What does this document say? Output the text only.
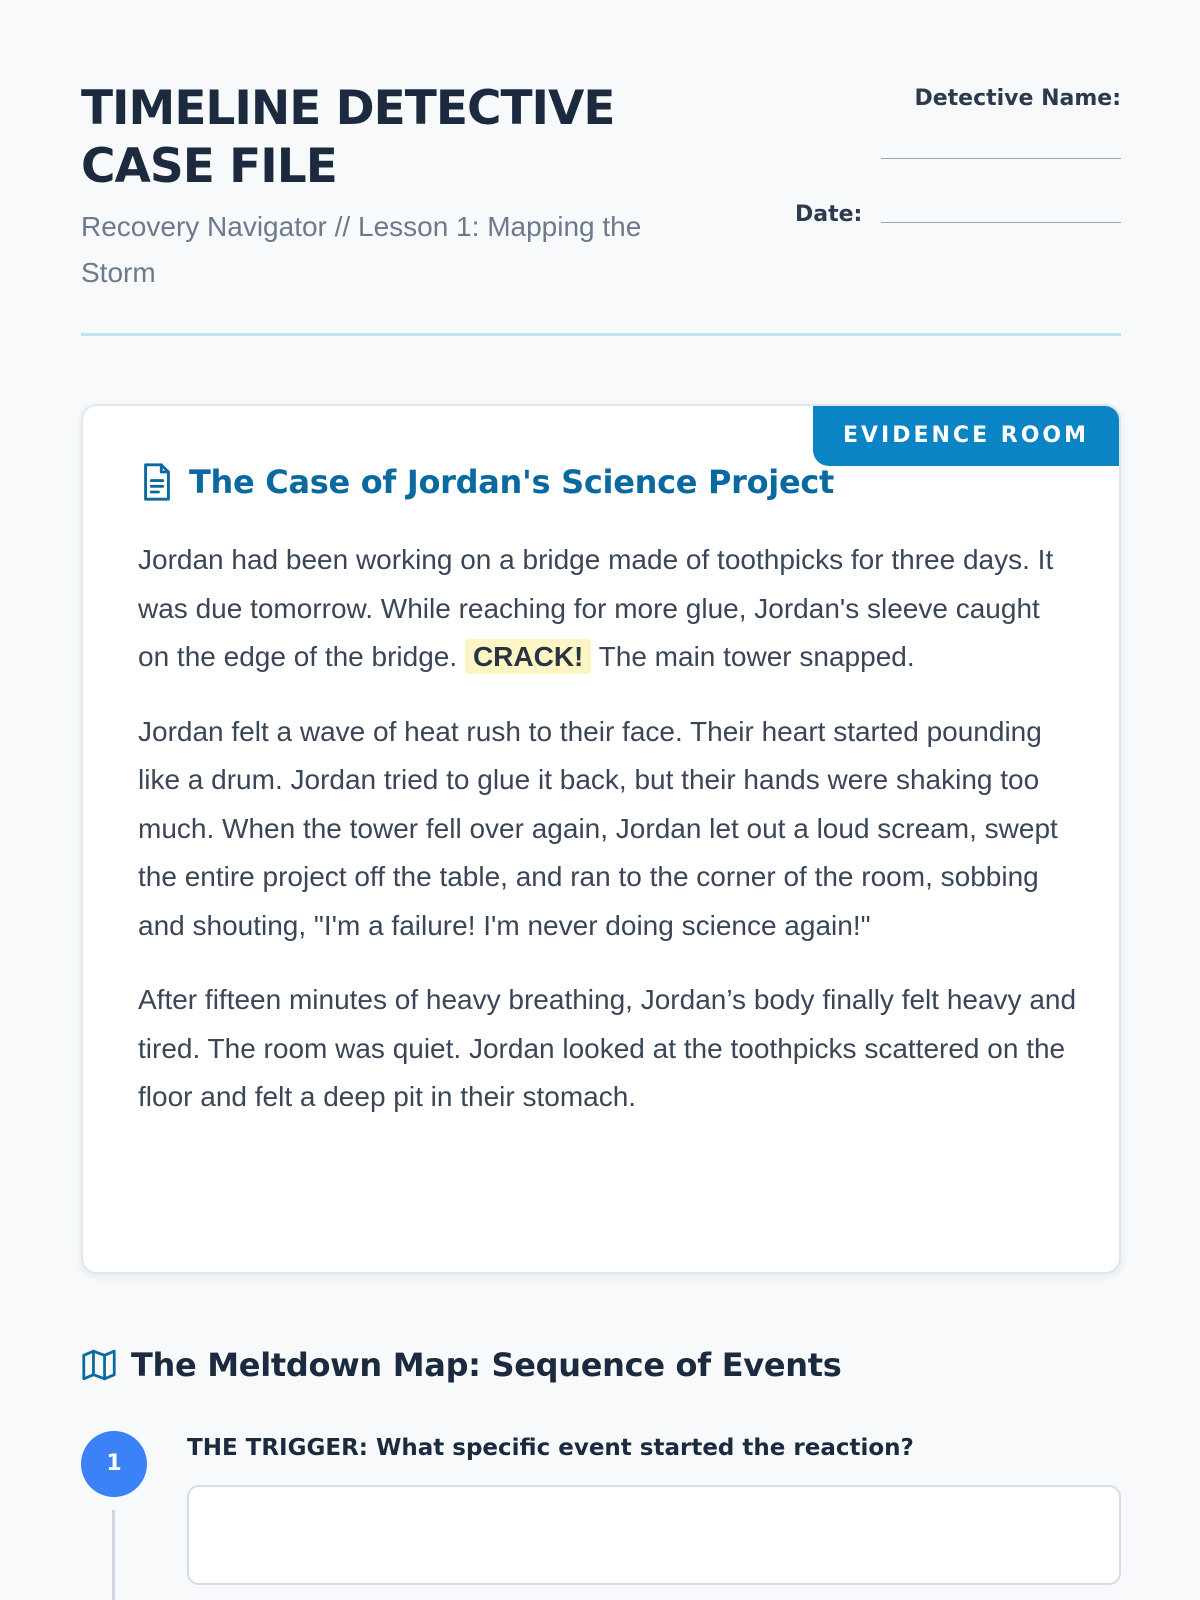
TIMELINE DETECTIVE CASE FILE
Recovery Navigator // Lesson 1: Mapping the Storm
Detective Name:
Date:
EVIDENCE ROOM
The Case of Jordan's Science Project

Jordan had been working on a bridge made of toothpicks for three days. It was due tomorrow. While reaching for more glue, Jordan's sleeve caught on the edge of the bridge. CRACK! The main tower snapped.

Jordan felt a wave of heat rush to their face. Their heart started pounding like a drum. Jordan tried to glue it back, but their hands were shaking too much. When the tower fell over again, Jordan let out a loud scream, swept the entire project off the table, and ran to the corner of the room, sobbing and shouting, "I'm a failure! I'm never doing science again!"

After fifteen minutes of heavy breathing, Jordan’s body finally felt heavy and tired. The room was quiet. Jordan looked at the toothpicks scattered on the floor and felt a deep pit in their stomach.

The Meltdown Map: Sequence of Events
1
THE TRIGGER: What specific event started the reaction?
